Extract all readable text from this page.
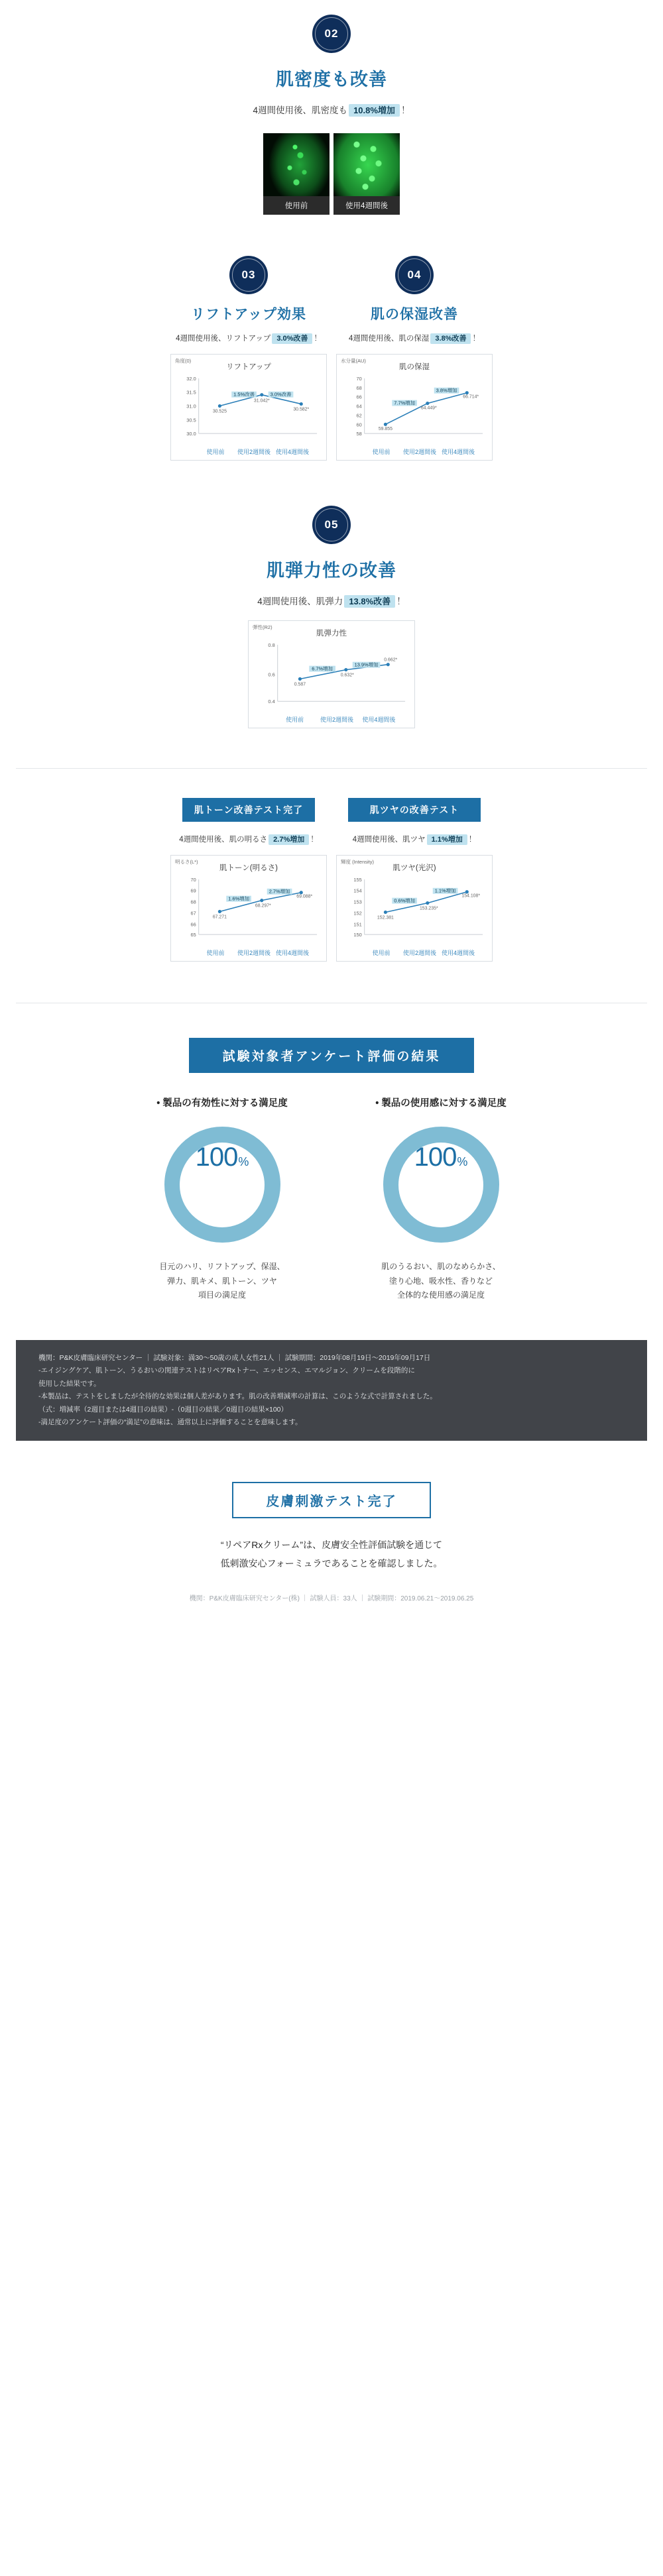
02
肌密度も改善
4週間使用後、肌密度も 10.8%増加 ！
使用前	使用4週間後
03
リフトアップ効果
4週間使用後、リフトアップ 3.0%改善 ！
角度(0)
リフトアップ
32.0
31.5
31.0
30.5
30.0
30.525
31.042*
30.582*
1.5%改善	3.0%改善
使用前	使用2週間後 使用4週間後
04
肌の保湿改善
4週間使用後、肌の保湿 3.8%改善 ！
水分量(AU)
肌の保湿
70
68
66
64
62
60
58
59.855
64.449*
66.714*
7.7%増加
3.8%増加
使用前	使用2週間後 使用4週間後
05
肌弾力性の改善
4週間使用後、肌弾力 13.8%改善 ！
弾性(R2)
肌弾力性
0.8
0.6
0.4
0.587
0.632*
0.662*
6.7%増加
13.9%増加
使用前	使用2週間後	使用4週間後
肌トーン改善テスト完了
4週間使用後、肌の明るさ 2.7%増加 ！
明るさ(L*)
肌トーン(明るさ)
70
69
68
67
66
65
67.271
68.297*
69.088*
1.6%増加
2.7%増加
使用前	使用2週間後 使用4週間後
肌ツヤの改善テスト
4週間使用後、肌ツヤ 1.1%増加 ！
輝度 (Intensity)
肌ツヤ(光沢)
155
154
153
152
151
150
152.381
153.235*
154.108*
0.6%増加
1.1%増加
使用前	使用2週間後 使用4週間後
試験対象者アンケート評価の結果
• 製品の有効性に対する満足度
100 %
目元のハリ、リフトアップ、保湿、
弾力、肌キメ、肌トーン、ツヤ
項目の満足度
• 製品の使用感に対する満足度
100 %
肌のうるおい、肌のなめらかさ、
塗り心地、吸水性、香りなど
全体的な使用感の満足度
機関：P&K皮膚臨床研究センター ｜ 試験対象：満30～50歳の成人女性21人 ｜ 試験期間：2019年08月19日～2019年09月17日
-エイジングケア、肌トーン、うるおいの関連テストはリペアRxトナー、エッセンス、エマルジョン、クリームを段階的に
使用した結果です。
-本製品は、テストをしましたが全待的な効果は個人差があります。肌の改善増減率の計算は、このような式で計算されました。
（式：増減率（2週目または4週目の結果）-（0週目の結果／0週目の結果×100）
-満足度のアンケート評価の“満足”の意味は、通常以上に評価することを意味します。
皮膚刺激テスト完了
“リペアRxクリーム”は、皮膚安全性評価試験を通じて
低刺激安心フォーミュラであることを確認しました。
機関：P&K皮膚臨床研究センター(株) ｜ 試験人員：33人 ｜ 試験期間：2019.06.21～2019.06.25
